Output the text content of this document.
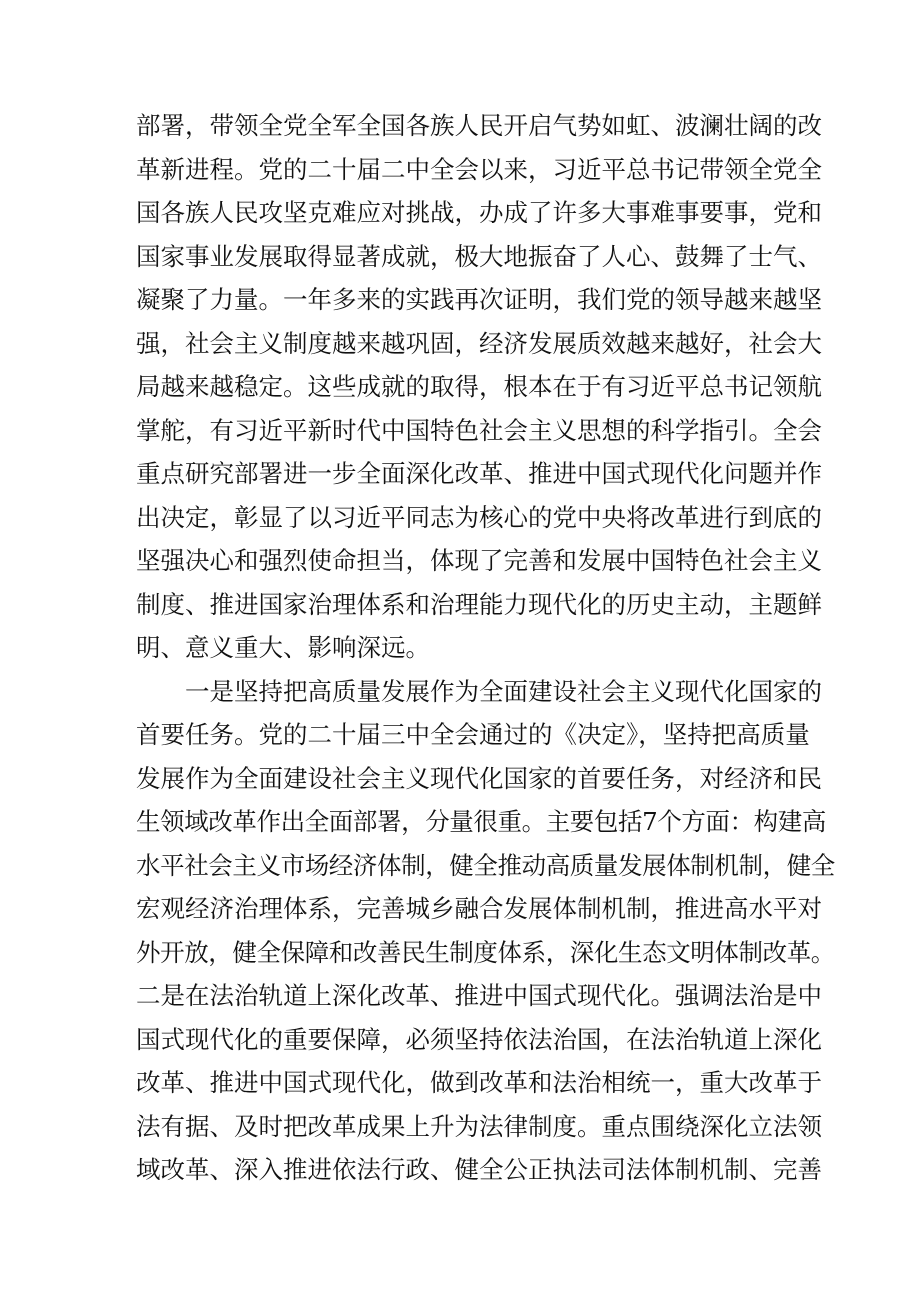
部署，带领全党全军全国各族人民开启气势如虹、波澜壮阔的改
革新进程。党的二十届二中全会以来，习近平总书记带领全党全
国各族人民攻坚克难应对挑战，办成了许多大事难事要事，党和
国家事业发展取得显著成就，极大地振奋了人心、鼓舞了士气、
凝聚了力量。一年多来的实践再次证明，我们党的领导越来越坚
强，社会主义制度越来越巩固，经济发展质效越来越好，社会大
局越来越稳定。这些成就的取得，根本在于有习近平总书记领航
掌舵，有习近平新时代中国特色社会主义思想的科学指引。全会
重点研究部署进一步全面深化改革、推进中国式现代化问题并作
出决定，彰显了以习近平同志为核心的党中央将改革进行到底的
坚强决心和强烈使命担当，体现了完善和发展中国特色社会主义
制度、推进国家治理体系和治理能力现代化的历史主动，主题鲜
明、意义重大、影响深远。
一是坚持把高质量发展作为全面建设社会主义现代化国家的
首要任务。党的二十届三中全会通过的《决定》，坚持把高质量
发展作为全面建设社会主义现代化国家的首要任务，对经济和民
生领域改革作出全面部署，分量很重。主要包括7个方面：构建高
水平社会主义市场经济体制，健全推动高质量发展体制机制，健全
宏观经济治理体系，完善城乡融合发展体制机制，推进高水平对
外开放，健全保障和改善民生制度体系，深化生态文明体制改革。
二是在法治轨道上深化改革、推进中国式现代化。强调法治是中
国式现代化的重要保障，必须坚持依法治国，在法治轨道上深化
改革、推进中国式现代化，做到改革和法治相统一，重大改革于
法有据、及时把改革成果上升为法律制度。重点围绕深化立法领
域改革、深入推进依法行政、健全公正执法司法体制机制、完善
